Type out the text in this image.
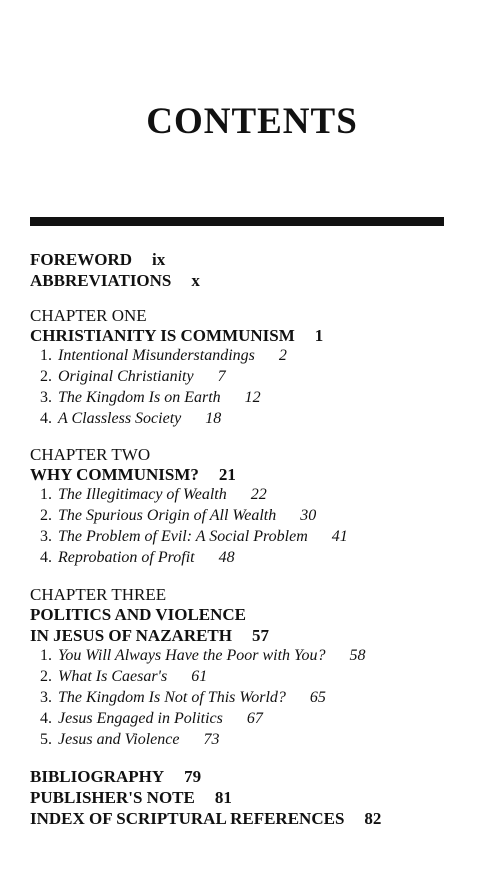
CONTENTS
FOREWORD ix
ABBREVIATIONS x
CHAPTER ONE
CHRISTIANITY IS COMMUNISM 1
1. Intentional Misunderstandings 2
2. Original Christianity 7
3. The Kingdom Is on Earth 12
4. A Classless Society 18
CHAPTER TWO
WHY COMMUNISM? 21
1. The Illegitimacy of Wealth 22
2. The Spurious Origin of All Wealth 30
3. The Problem of Evil: A Social Problem 41
4. Reprobation of Profit 48
CHAPTER THREE
POLITICS AND VIOLENCE
IN JESUS OF NAZARETH 57
1. You Will Always Have the Poor with You? 58
2. What Is Caesar's 61
3. The Kingdom Is Not of This World? 65
4. Jesus Engaged in Politics 67
5. Jesus and Violence 73
BIBLIOGRAPHY 79
PUBLISHER'S NOTE 81
INDEX OF SCRIPTURAL REFERENCES 82
